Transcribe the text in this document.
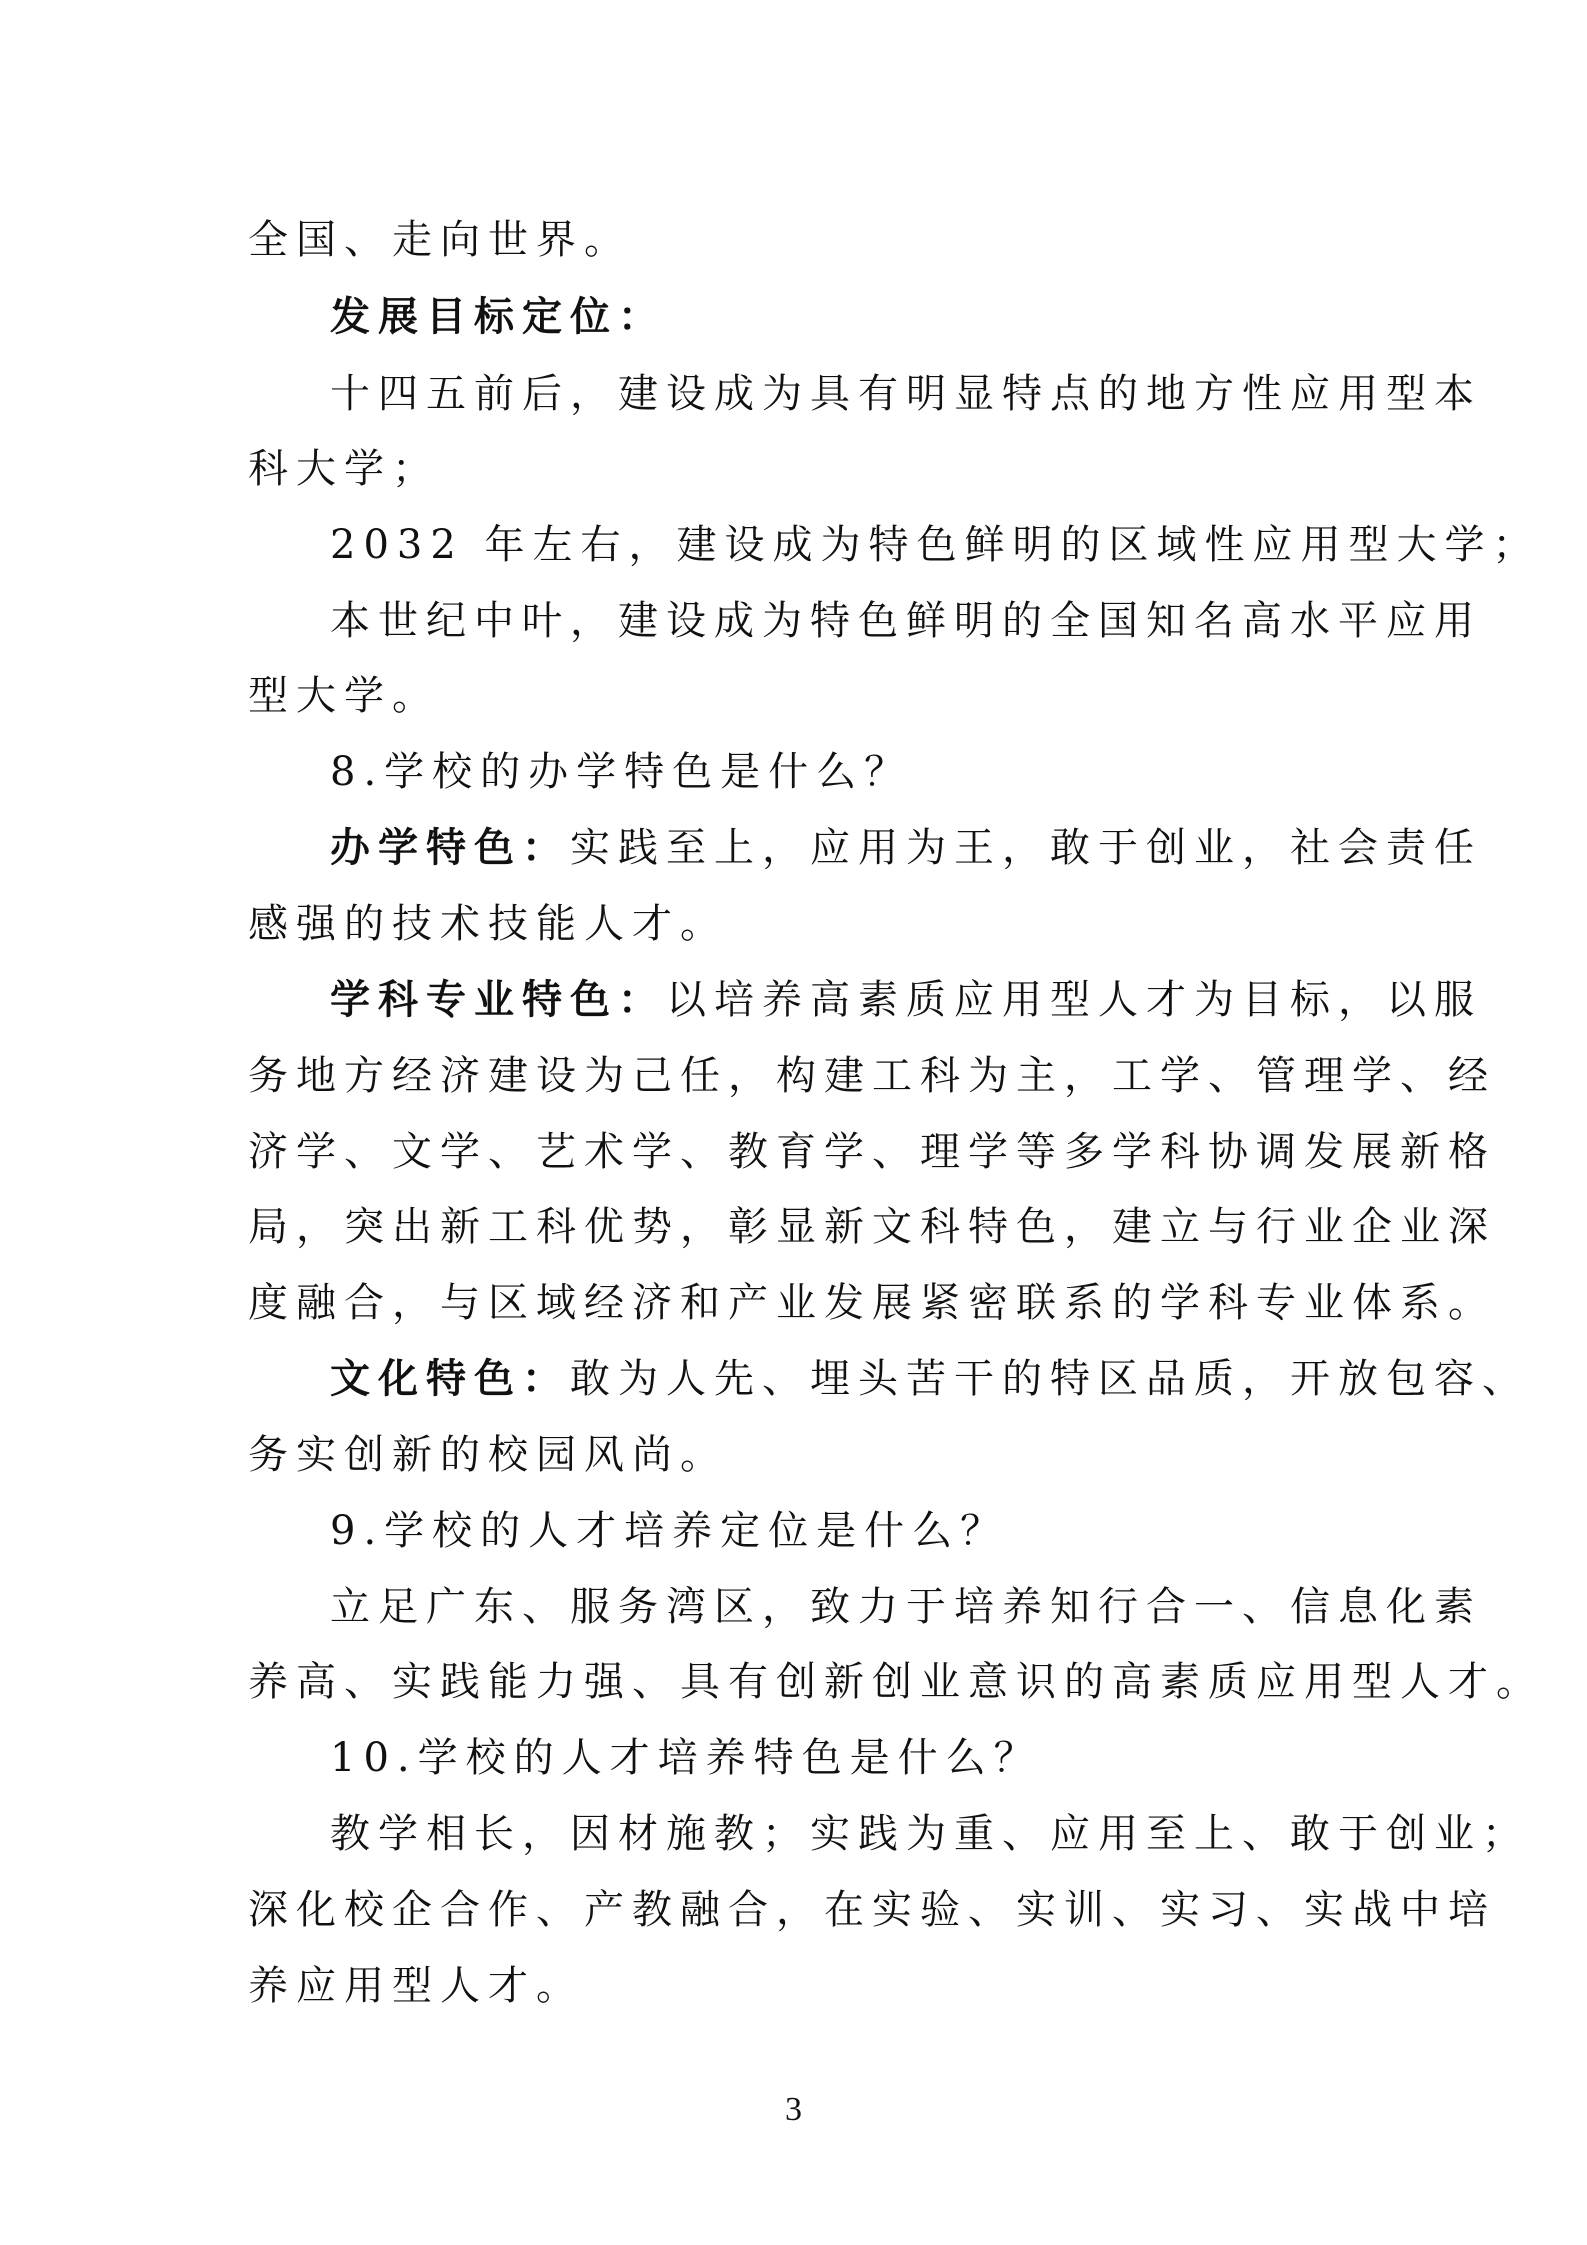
全国、走向世界。
发展目标定位：
十四五前后，建设成为具有明显特点的地方性应用型本
科大学；
2032 年左右，建设成为特色鲜明的区域性应用型大学；
本世纪中叶，建设成为特色鲜明的全国知名高水平应用
型大学。
8.学校的办学特色是什么？
办学特色：实践至上，应用为王，敢于创业，社会责任
感强的技术技能人才。
学科专业特色：以培养高素质应用型人才为目标，以服
务地方经济建设为己任，构建工科为主，工学、管理学、经
济学、文学、艺术学、教育学、理学等多学科协调发展新格
局，突出新工科优势，彰显新文科特色，建立与行业企业深
度融合，与区域经济和产业发展紧密联系的学科专业体系。
文化特色：敢为人先、埋头苦干的特区品质，开放包容、
务实创新的校园风尚。
9.学校的人才培养定位是什么？
立足广东、服务湾区，致力于培养知行合一、信息化素
养高、实践能力强、具有创新创业意识的高素质应用型人才。
10.学校的人才培养特色是什么？
教学相长，因材施教；实践为重、应用至上、敢于创业；
深化校企合作、产教融合，在实验、实训、实习、实战中培
养应用型人才。
3
